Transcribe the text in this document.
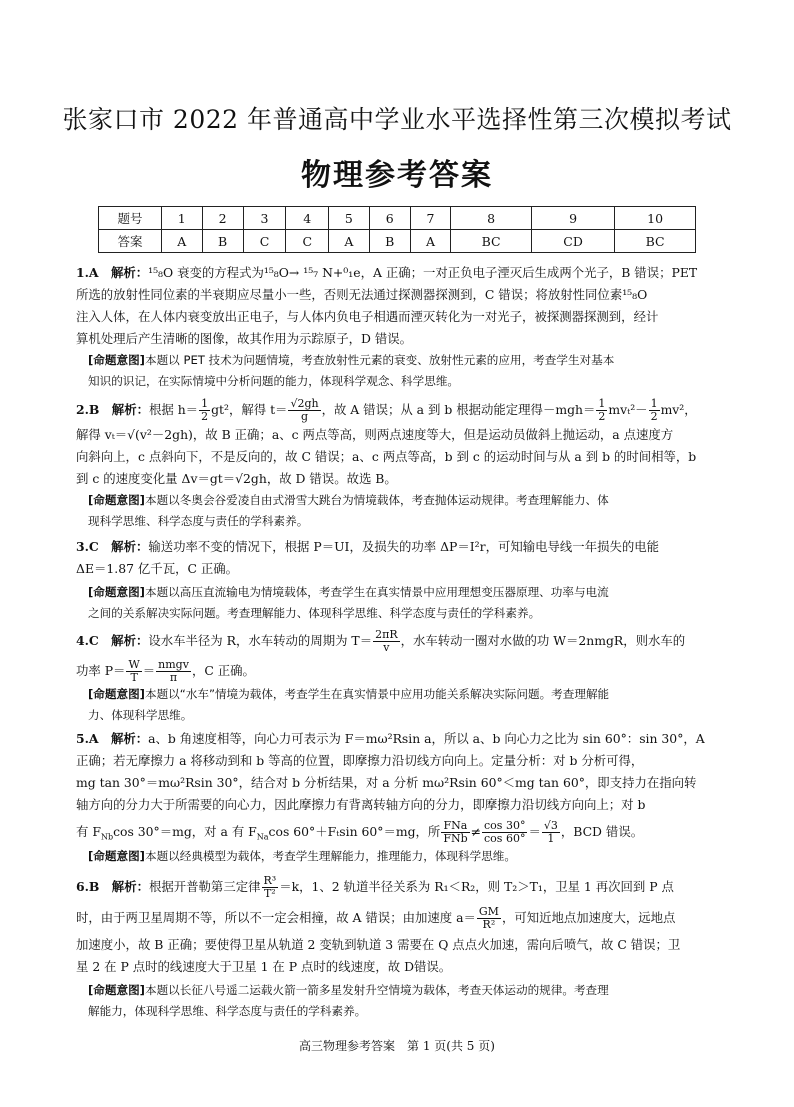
张家口市 2022 年普通高中学业水平选择性第三次模拟考试
物理参考答案
题号	1	2	3	4	5	6	7	8	9	10
答案	A	B	C	C	A	B	A	BC	CD	BC
1.A　解析：¹⁵₈O 衰变的方程式为¹⁵₈O→ ¹⁵₇ N+⁰₁e，A 正确；一对正负电子湮灭后生成两个光子，B 错误；PET
所选的放射性同位素的半衰期应尽量小一些，否则无法通过探测器探测到，C 错误；将放射性同位素¹⁵₈O
注入人体，在人体内衰变放出正电子，与人体内负电子相遇而湮灭转化为一对光子，被探测器探测到，经计
算机处理后产生清晰的图像，故其作用为示踪原子，D 错误。
[命题意图]本题以 PET 技术为问题情境，考查放射性元素的衰变、放射性元素的应用，考查学生对基本
知识的识记，在实际情境中分析问题的能力，体现科学观念、科学思维。
2.B　解析：根据 $h= \frac{1}{2} gt^2$，解得 $t= \frac{√2gh}{g}$ ，故 A 错误；从 a 到 b 根据动能定理得$-mgh= \frac{1}{2} mv_t^2- \frac{1}{2} mv^2$，
解得 vₜ＝√(v²－2gh)，故 B 正确；a、c 两点等高，则两点速度等大，但是运动员做斜上抛运动，a 点速度方
向斜向上，c 点斜向下，不是反向的，故 C 错误；a、c 两点等高，b 到 c 的运动时间与从 a 到 b 的时间相等，b
到 c 的速度变化量 Δv＝gt＝√2gh，故 D 错误。故选 B。
[命题意图]本题以冬奥会谷爱凌自由式滑雪大跳台为情境载体，考查抛体运动规律。考查理解能力、体
现科学思维、科学态度与责任的学科素养。
3.C　解析：输送功率不变的情况下，根据 P＝UI，及损失的功率 ΔP＝I²r，可知输电导线一年损失的电能
ΔE＝1.87 亿千瓦，C 正确。
[命题意图]本题以高压直流输电为情境载体，考查学生在真实情景中应用理想变压器原理、功率与电流
之间的关系解决实际问题。考查理解能力、体现科学思维、科学态度与责任的学科素养。
4.C　解析：设水车半径为 R，水车转动的周期为 $T= \frac{2\pi R}{v}$ ，水车转动一圈对水做的功 W＝2nmgR，则水车的
功率 $P= \frac{W}{T} = \frac{\text{nmgv}}{\pi}$ ，C 正确。
[命题意图]本题以“水车”情境为载体，考查学生在真实情景中应用功能关系解决实际问题。考查理解能
力、体现科学思维。
5.A　解析：a、b 角速度相等，向心力可表示为 F＝mω²Rsin a，所以 a、b 向心力之比为 sin 60°：sin 30°，A
正确；若无摩擦力 a 将移动到和 b 等高的位置，即摩擦力沿切线方向向上。定量分析：对 b 分析可得，
mg tan 30°＝mω²Rsin 30°，结合对 b 分析结果，对 a 分析 mω²Rsin 60°＜mg tan 60°，即支持力在指向转
轴方向的分力大于所需要的向心力，因此摩擦力有背离转轴方向的分力，即摩擦力沿切线方向向上；对 b
有 $F_{Nb}\cos$ 30°＝mg，对 a 有 $F_{Na}\cos$ 60°＋Fₜsin 60°＝mg，所 $\frac{\text{FNa}}{\text{FNb}} \ne \frac{\cos 30^\circ}{\cos 60^\circ} = \frac{√3}{1}$ ，BCD 错误。
[命题意图]本题以经典模型为载体，考查学生理解能力，推理能力，体现科学思维。
6.B　解析：根据开普勒第三定律 $\frac{\text{R³}}{\text{T²}} =k$，1、2 轨道半径关系为 R₁＜R₂，则 T₂＞T₁，卫星 1 再次回到 P 点
时，由于两卫星周期不等，所以不一定会相撞，故 A 错误；由加速度 $a= \frac{GM}{\text{R²}}$ ，可知近地点加速度大，远地点
加速度小，故 B 正确；要使得卫星从轨道 2 变轨到轨道 3 需要在 Q 点点火加速，需向后喷气，故 C 错误；卫
星 2 在 P 点时的线速度大于卫星 1 在 P 点时的线速度，故 D错误。
[命题意图]本题以长征八号遥二运载火箭一箭多星发射升空情境为载体，考查天体运动的规律。考查理
解能力，体现科学思维、科学态度与责任的学科素养。
高三物理参考答案　第 1 页(共 5 页)
